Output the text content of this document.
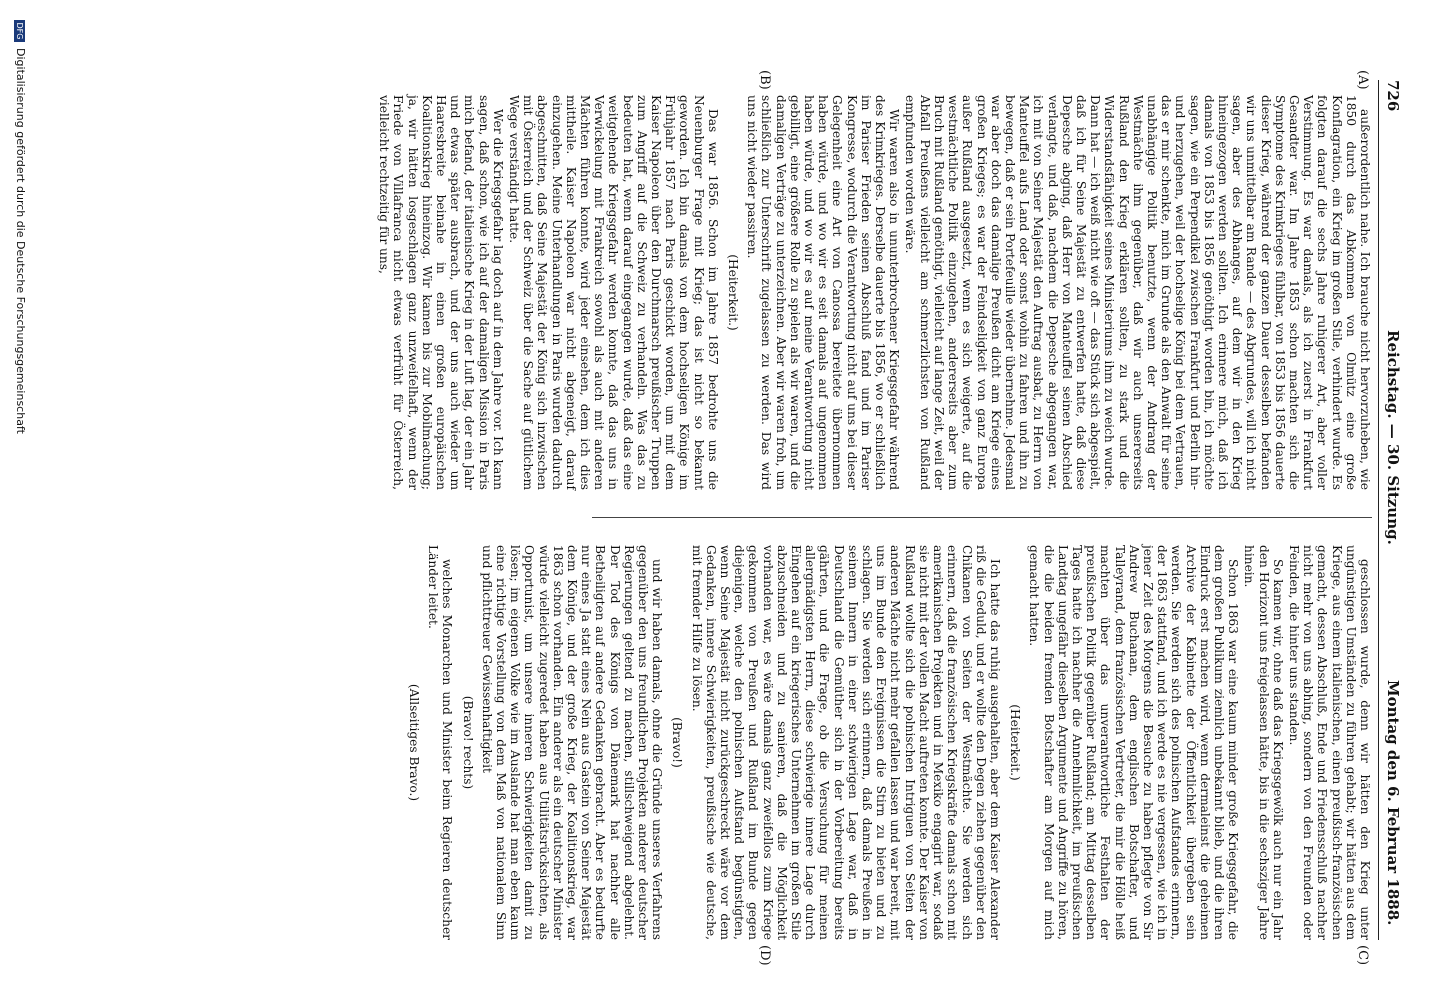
726
Reichstag. — 30. Sitzung.
Montag den 6. Februar 1888.
(A)
(B)
(C)
(D)

außerordentlich nahe. Ich brauche nicht hervorzuheben, wie 1850 durch das Abkommen von Olmütz eine große Konflagration, ein Krieg im großen Stile, verhindert wurde. Es folgten darauf die sechs Jahre ruhigerer Art, aber voller Verstimmung. Es war damals, als ich zuerst in Frankfurt Gesandter war. Im Jahre 1853 schon machten sich die Symptome des Krimkrieges fühlbar, von 1853 bis 1856 dauerte dieser Krieg, während der ganzen Dauer desselben befanden wir uns unmittelbar am Rande — des Abgrundes, will ich nicht sagen, aber des Abhanges, auf dem wir in den Krieg hineingezogen werden sollten. Ich erinnere mich, daß ich damals von 1853 bis 1856 genöthigt worden bin, ich möchte sagen, wie ein Perpendikel zwischen Frankfurt und Berlin hin- und herzugehen, weil der hochselige König bei dem Vertrauen, das er mir schenkte, mich im Grunde als den Anwalt für seine unabhängige Politik benutzte, wenn der Andrang der Westmächte ihm gegenüber, daß wir auch unsererseits Rußland den Krieg erklären sollten, zu stark und die Widerstandsfähigkeit seines Ministeriums ihm zu weich wurde. Dann hat — ich weiß nicht wie oft — das Stück sich abgespielt, daß ich für Seine Majestät zu entwerfen hatte, daß diese Depesche abging, daß Herr von Manteuffel seinen Abschied verlangte, und daß, nachdem die Depesche abgegangen war, ich mit von Seiner Majestät den Auftrag ausbat, zu Herrn von Manteuffel aufs Land oder sonst wohin zu fahren und ihn zu bewegen, daß er sein Portefeuille wieder übernehme. Jedesmal war aber doch das damalige Preußen dicht am Kriege eines großen Krieges; es war der Feindseligkeit von ganz Europa außer Rußland ausgesetzt, wenn es sich weigerte, auf die westmächtliche Politik einzugehen, andererseits aber zum Bruch mit Rußland genöthigt, vielleicht auf lange Zeit, weil der Abfall Preußens vielleicht am schmerzlichsten von Rußland empfunden worden wäre.

Wir waren also in ununterbrochener Kriegsgefahr während des Krimkrieges. Derselbe dauerte bis 1856, wo er schließlich im Pariser Frieden seinen Abschluß fand und im Pariser Kongresse, wodurch die Verantwortung nicht auf uns bei dieser Gelegenheit eine Art von Canossa bereitete übernommen haben würde, und wo wir es seit damals auf ungenommen haben würde, und wo wir es auf meine Verantwortung nicht gebilligt, eine größere Rolle zu spielen als wir waren, und die damaligen Verträge zu unterzeichnen. Aber wir waren froh, um schließlich zur Unterschrift zugelassen zu werden. Das wird uns nicht wieder passiren.

(Heiterkeit.)

Das war 1856. Schon im Jahre 1857 bedrohte uns die Neuenburger Frage mit Krieg; das ist nicht so bekannt geworden. Ich bin damals von dem hochseligen Könige im Frühjahr 1857 nach Paris geschickt worden, um mit dem Kaiser Napoleon über den Durchmarsch preußischer Truppen zum Angriff auf die Schweiz zu verhandeln. Was das zu bedeuten hat, wenn darauf eingegangen wurde, daß das eine weitgehende Kriegsgefahr werden konnte, daß das uns in Verwickelung mit Frankreich sowohl als auch mit anderen Mächten führen konnte, wird jeder einsehen, dem ich dies mittheile. Kaiser Napoleon war nicht abgeneigt, darauf einzugehen. Meine Unterhandlungen in Paris wurden dadurch abgeschnitten, daß Seine Majestät der König sich inzwischen mit Österreich und der Schweiz über die Sache auf gütlichem Wege verständigt hatte.

Wer die Kriegsgefahr lag doch auf in dem Jahre vor. Ich kann sagen, daß schon, wie ich auf der damaligen Mission in Paris mich befand, der italienische Krieg in der Luft lag, der ein Jahr und etwas später ausbrach, und der uns auch wieder um Haaresbreite beinahe in einen großen europäischen Koalitionskrieg hineinzog. Wir kamen bis zur Mobilmachung; ja, wir hätten losgeschlagen ganz unzweifelhaft, wenn der Friede von Villafranca nicht etwas verfrüht für Österreich, vielleicht rechtzeitig für uns,

geschlossen wurde, denn wir hätten den Krieg unter ungünstigen Umständen zu führen gehabt; wir hätten aus dem Kriege, aus einem italienischen, einen preußisch-französischen gemacht, dessen Abschluß, Ende und Friedensschluß nachher nicht mehr von uns abhing, sondern von den Freunden oder Feinden, die hinter uns standen.

So kamen wir, ohne daß das Kriegsgewölk auch nur ein Jahr den Horizont uns freigelassen hätte, bis in die sechsziger Jahre hinein.

Schon 1863 war eine kaum minder große Kriegsgefahr, die dem großen Publikum ziemlich unbekannt blieb, und die ihren Eindruck erst machen wird, wenn dermaleinst die geheimen Archive der Kabinette der Öffentlichkeit übergeben sein werden. Sie werden sich des polnischen Aufstandes erinnern, der 1863 stattfand, und ich werde es nie vergessen, wie ich in jener Zeit des Morgens die Besuche zu haben pflegte von Sir Andrew Buchanan, dem englischen Botschafter, und Talleyrand, dem französischen Vertreter, die mir die Hölle heiß machten über das unverantwortliche Festhalten der preußischen Politik gegenüber Rußland; am Mittag desselben Tages hatte ich nachher die Annehmlichkeit, im preußischen Landtag ungefähr dieselben Argumente und Angriffe zu hören, die die beiden fremden Botschafter am Morgen auf mich gemacht hatten.

(Heiterkeit.)

Ich hatte das ruhig ausgehalten, aber dem Kaiser Alexander riß die Geduld, und er wollte den Degen ziehen gegenüber den Chikanen von Seiten der Westmächte. Sie werden sich erinnern, daß die französischen Kriegskräfte damals schon mit amerikanischen Projekten und in Mexiko engagirt war, sodaß sie nicht mit der vollen Macht auftreten konnte. Der Kaiser von Rußland wollte sich die polnischen Intriguen von Seiten der anderen Mächte nicht mehr gefallen lassen und war bereit, mit uns im Bunde den Ereignissen die Stirn zu bieten und zu schlagen. Sie werden sich erinnern, daß damals Preußen in seinem Innern in einer schwierigen Lage war, daß in Deutschland die Gemüther sich in der Vorbereitung bereits gährten, und die Frage, ob die Versuchung für meinen allergnädigsten Herrn, diese schwierige innere Lage durch Eingehen auf ein kriegerisches Unternehmen im großen Stile abzuschneiden und zu sanieren, daß die Möglichkeit vorhanden war, es wäre damals ganz zweifellos zum Kriege gekommen von Preußen und Rußland im Bunde gegen diejenigen, welche den polnischen Aufstand begünstigten, wenn Seine Majestät nicht zurückgeschreckt wäre vor dem Gedanken, innere Schwierigkeiten, preußische wie deutsche, mit fremder Hilfe zu lösen.

(Bravo!)

und wir haben damals, ohne die Gründe unseres Verfahrens gegenüber den uns freundlichen Projekten anderer deutscher Regierungen geltend zu machen, stillschweigend abgelehnt. Der Tod des Königs von Dänemark hat nachher alle Betheiligten auf andere Gedanken gebracht. Aber es bedurfte nur eines Ja statt eines Nein aus Gastein von Seiner Majestät dem Könige, und der große Krieg, der Koalitionskrieg, war 1863 schon vorhanden. Ein anderer als ein deutscher Minister würde vielleicht zugeredet haben aus Utilitätsrücksichten, als Opportunist, um unsere inneren Schwierigkeiten damit zu lösen; im eigenen Volke wie im Auslande hat man eben kaum eine richtige Vorstellung von dem Maß von nationalem Sinn und pflichttreuer Gewissenhaftigkeit

(Bravo! rechts)

welches Monarchen und Minister beim Regieren deutscher Länder leitet.

(Allseitiges Bravo.)

DFGDigitalisierung gefördert durch die Deutsche Forschungsgemeinschaft
